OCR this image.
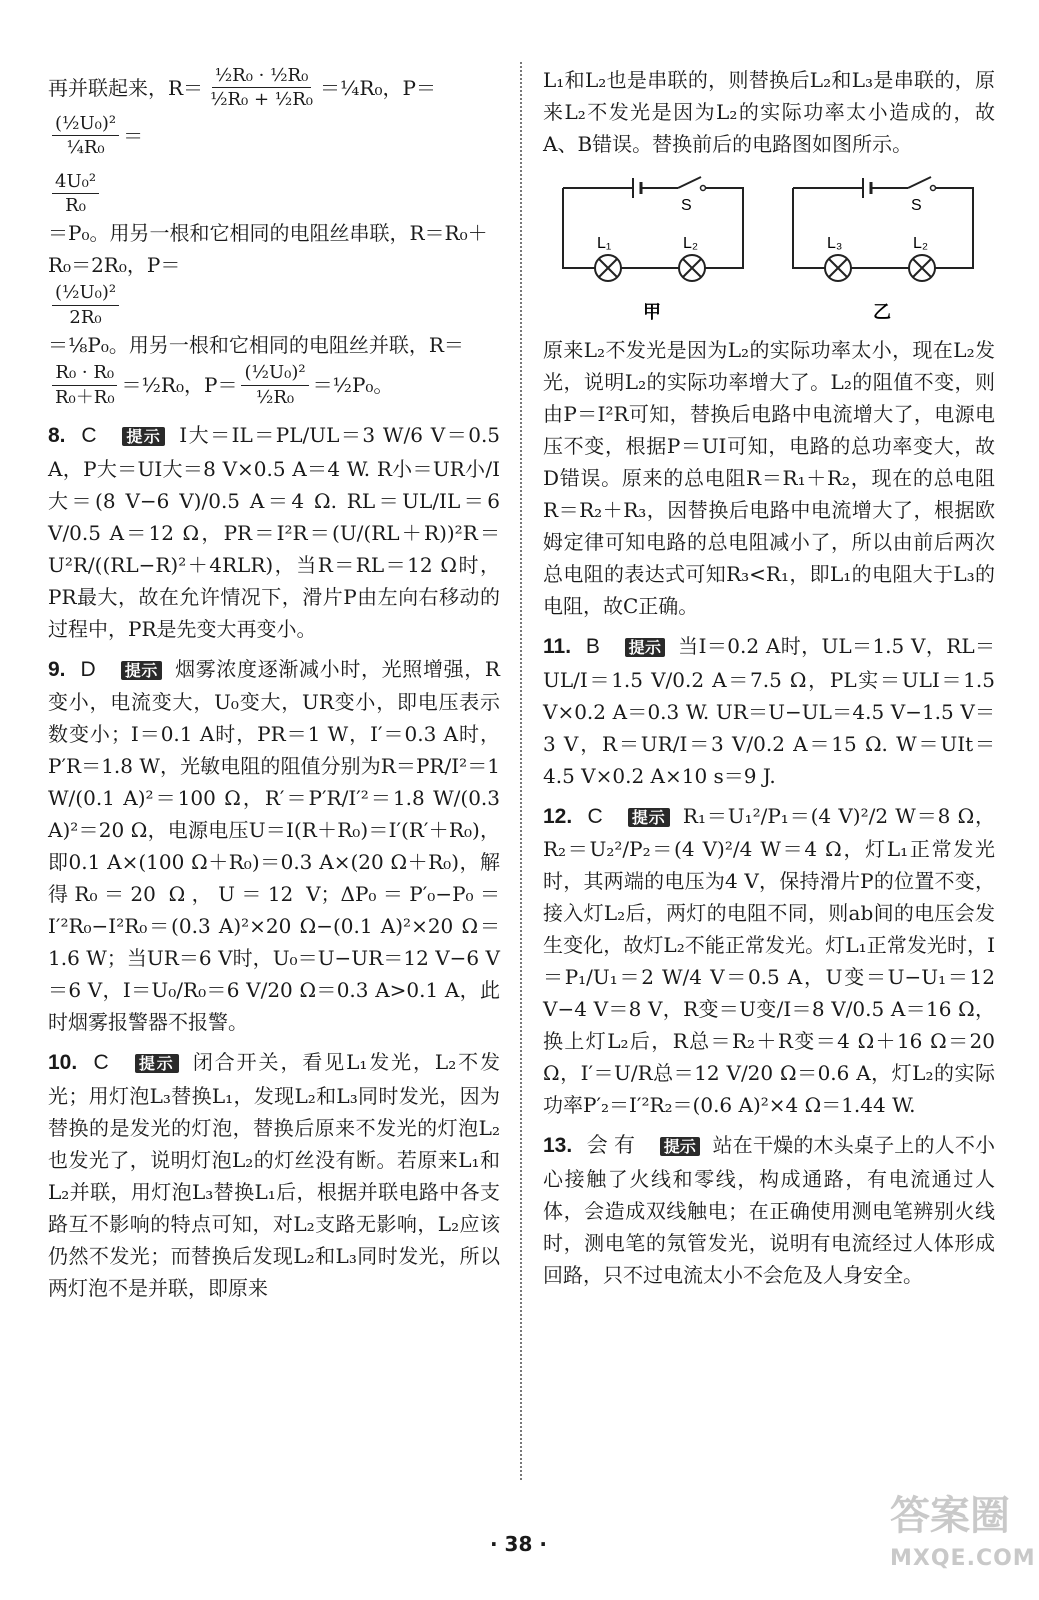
再并联起来，$R= \frac{\text{½R₀ · ½R₀}}{\text{½R₀ + ½R₀}}$ ＝¼R₀，P＝
$\frac{\text{(½U₀)²}}{\text{¼R₀}}$ ＝
$\frac{\text{4U₀²}}{\text{R₀}}$
＝P₀。用另一根和它相同的电阻丝串联，R＝R₀＋R₀＝2R₀，P＝
$\frac{\text{(½U₀)²}}{\text{2R₀}}$
＝⅛P₀。用另一根和它相同的电阻丝并联，R＝
$\frac{\text{R₀ · R₀}}{\text{R₀＋R₀}}$ ＝½R₀，$P= \frac{\text{(½U₀)²}}{\text{½R₀}}$ ＝½P₀。

8. C 提示 I大＝IL＝PL/UL＝3 W/6 V＝0.5 A，P大＝UI大＝8 V×0.5 A＝4 W. R小＝UR小/I大＝(8 V−6 V)/0.5 A＝4 Ω. RL＝UL/IL＝6 V/0.5 A＝12 Ω，PR＝I²R＝(U/(RL＋R))²R＝U²R/((RL−R)²＋4RLR)，当R＝RL＝12 Ω时，PR最大，故在允许情况下，滑片P由左向右移动的过程中，PR是先变大再变小。

9. D 提示 烟雾浓度逐渐减小时，光照增强，R变小，电流变大，U₀变大，UR变小，即电压表示数变小；I＝0.1 A时，PR＝1 W，I′＝0.3 A时，P′R＝1.8 W，光敏电阻的阻值分别为R＝PR/I²＝1 W/(0.1 A)²＝100 Ω，R′＝P′R/I′²＝1.8 W/(0.3 A)²＝20 Ω，电源电压U＝I(R＋R₀)＝I′(R′＋R₀)，即0.1 A×(100 Ω＋R₀)＝0.3 A×(20 Ω＋R₀)，解得R₀＝20 Ω，U＝12 V；ΔP₀＝P′₀−P₀＝I′²R₀−I²R₀＝(0.3 A)²×20 Ω−(0.1 A)²×20 Ω＝1.6 W；当UR＝6 V时，U₀＝U−UR＝12 V−6 V＝6 V，I＝U₀/R₀＝6 V/20 Ω＝0.3 A>0.1 A，此时烟雾报警器不报警。

10. C 提示 闭合开关，看见L₁发光，L₂不发光；用灯泡L₃替换L₁，发现L₂和L₃同时发光，因为替换的是发光的灯泡，替换后原来不发光的灯泡L₂也发光了，说明灯泡L₂的灯丝没有断。若原来L₁和L₂并联，用灯泡L₃替换L₁后，根据并联电路中各支路互不影响的特点可知，对L₂支路无影响，L₂应该仍然不发光；而替换后发现L₂和L₃同时发光，所以两灯泡不是并联，即原来

L₁和L₂也是串联的，则替换后L₂和L₃是串联的，原来L₂不发光是因为L₂的实际功率太小造成的，故A、B错误。替换前后的电路图如图所示。

S
L₁	L₂
甲
S
L₃	L₂
乙

原来L₂不发光是因为L₂的实际功率太小，现在L₂发光，说明L₂的实际功率增大了。L₂的阻值不变，则由P＝I²R可知，替换后电路中电流增大了，电源电压不变，根据P＝UI可知，电路的总功率变大，故D错误。原来的总电阻R＝R₁＋R₂，现在的总电阻R＝R₂＋R₃，因替换后电路中电流增大了，根据欧姆定律可知电路的总电阻减小了，所以由前后两次总电阻的表达式可知R₃<R₁，即L₁的电阻大于L₃的电阻，故C正确。

11. B 提示 当I＝0.2 A时，UL＝1.5 V，RL＝UL/I＝1.5 V/0.2 A＝7.5 Ω，PL实＝ULI＝1.5 V×0.2 A＝0.3 W. UR＝U−UL＝4.5 V−1.5 V＝3 V，R＝UR/I＝3 V/0.2 A＝15 Ω. W＝UIt＝4.5 V×0.2 A×10 s＝9 J.

12. C 提示 R₁＝U₁²/P₁＝(4 V)²/2 W＝8 Ω，R₂＝U₂²/P₂＝(4 V)²/4 W＝4 Ω，灯L₁正常发光时，其两端的电压为4 V，保持滑片P的位置不变，接入灯L₂后，两灯的电阻不同，则ab间的电压会发生变化，故灯L₂不能正常发光。灯L₁正常发光时，I＝P₁/U₁＝2 W/4 V＝0.5 A，U变＝U−U₁＝12 V−4 V＝8 V，R变＝U变/I＝8 V/0.5 A＝16 Ω，换上灯L₂后，R总＝R₂＋R变＝4 Ω＋16 Ω＝20 Ω，I′＝U/R总＝12 V/20 Ω＝0.6 A，灯L₂的实际功率P′₂＝I′²R₂＝(0.6 A)²×4 Ω＝1.44 W.

13. 会 有 提示 站在干燥的木头桌子上的人不小心接触了火线和零线，构成通路，有电流通过人体，会造成双线触电；在正确使用测电笔辨别火线时，测电笔的氖管发光，说明有电流经过人体形成回路，只不过电流太小不会危及人身安全。

· 38 ·
答案圈
MXQE.COM
